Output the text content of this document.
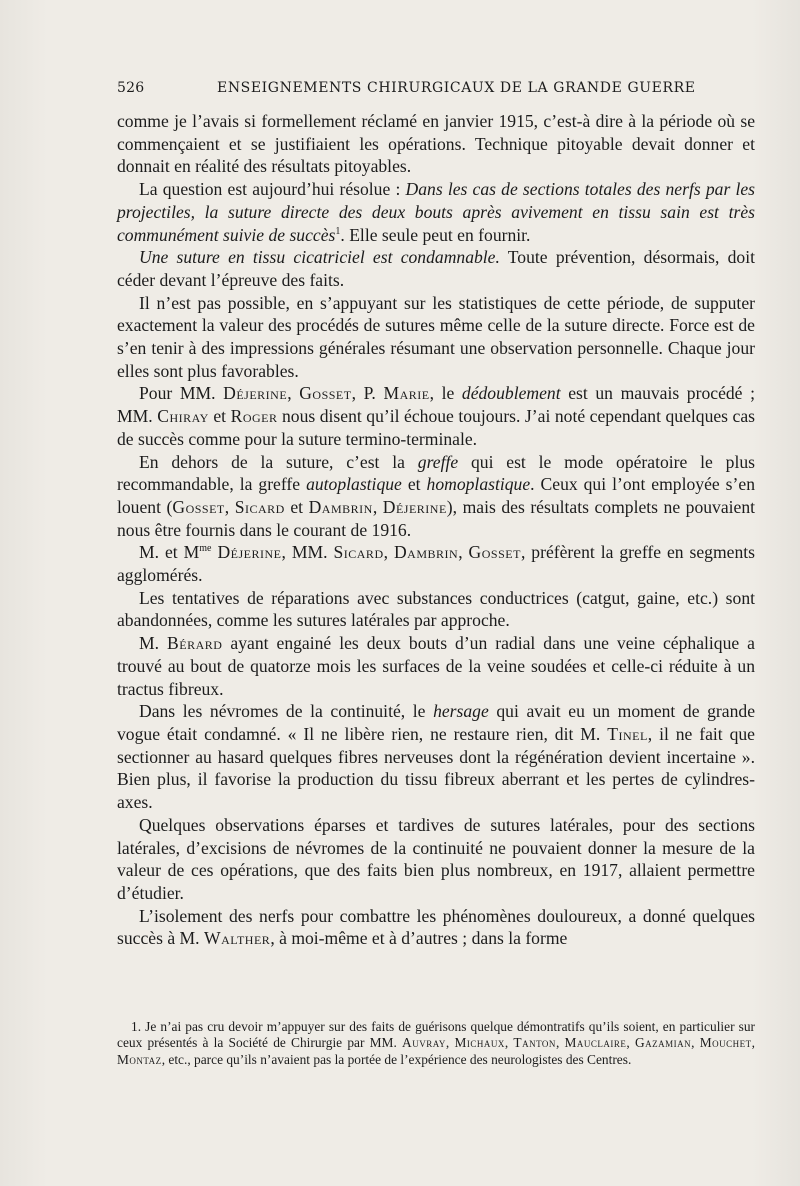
526	ENSEIGNEMENTS CHIRURGICAUX DE LA GRANDE GUERRE

comme je l’avais si formellement réclamé en janvier 1915, c’est-à dire à la période où se commençaient et se justifiaient les opérations. Technique pitoyable devait donner et donnait en réalité des résultats pitoyables.

La question est aujourd’hui résolue : Dans les cas de sections totales des nerfs par les projectiles, la suture directe des deux bouts après avivement en tissu sain est très communément suivie de succès$^1$. Elle seule peut en fournir.

Une suture en tissu cicatriciel est condamnable. Toute prévention, désormais, doit céder devant l’épreuve des faits.

Il n’est pas possible, en s’appuyant sur les statistiques de cette période, de supputer exactement la valeur des procédés de sutures même celle de la suture directe. Force est de s’en tenir à des impressions générales résumant une observation personnelle. Chaque jour elles sont plus favorables.

Pour MM. Déjerine, Gosset, P. Marie, le dédoublement est un mauvais procédé ; MM. Chiray et Roger nous disent qu’il échoue toujours. J’ai noté cependant quelques cas de succès comme pour la suture termino-terminale.

En dehors de la suture, c’est la greffe qui est le mode opératoire le plus recommandable, la greffe autoplastique et homoplastique. Ceux qui l’ont employée s’en louent (Gosset, Sicard et Dambrin, Déjerine), mais des résultats complets ne pouvaient nous être fournis dans le courant de 1916.

M. et $M^{me}$ Déjerine, MM. Sicard, Dambrin, Gosset, préfèrent la greffe en segments agglomérés.

Les tentatives de réparations avec substances conductrices (catgut, gaine, etc.) sont abandonnées, comme les sutures latérales par approche.

M. Bérard ayant engainé les deux bouts d’un radial dans une veine céphalique a trouvé au bout de quatorze mois les surfaces de la veine soudées et celle-ci réduite à un tractus fibreux.

Dans les névromes de la continuité, le hersage qui avait eu un moment de grande vogue était condamné. « Il ne libère rien, ne restaure rien, dit M. Tinel, il ne fait que sectionner au hasard quelques fibres nerveuses dont la régénération devient incertaine ». Bien plus, il favorise la production du tissu fibreux aberrant et les pertes de cylindres-axes.

Quelques observations éparses et tardives de sutures latérales, pour des sections latérales, d’excisions de névromes de la continuité ne pouvaient donner la mesure de la valeur de ces opérations, que des faits bien plus nombreux, en 1917, allaient permettre d’étudier.

L’isolement des nerfs pour combattre les phénomènes douloureux, a donné quelques succès à M. Walther, à moi-même et à d’autres ; dans la forme

1. Je n’ai pas cru devoir m’appuyer sur des faits de guérisons quelque démontratifs qu’ils soient, en particulier sur ceux présentés à la Société de Chirurgie par MM. Auvray, Michaux, Tanton, Mauclaire, Gazamian, Mouchet, Montaz, etc., parce qu’ils n’avaient pas la portée de l’expérience des neurologistes des Centres.
